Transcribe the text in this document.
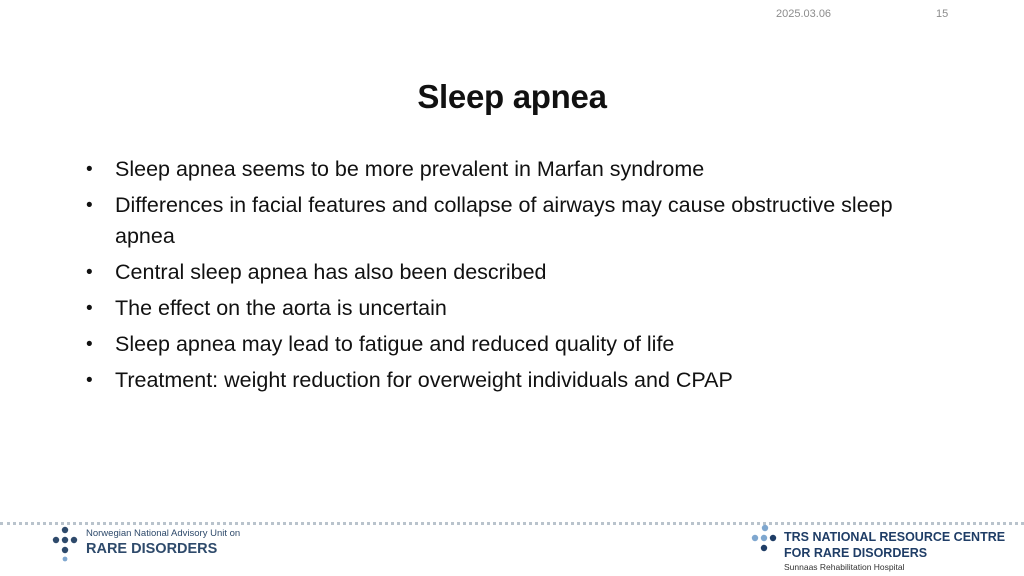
2025.03.06	15
Sleep apnea
• Sleep apnea seems to be more prevalent in Marfan syndrome
• Differences in facial features and collapse of airways may cause obstructive sleep apnea
• Central sleep apnea has also been described
• The effect on the aorta is uncertain
• Sleep apnea may lead to fatigue and reduced quality of life
• Treatment: weight reduction for overweight individuals and CPAP
Norwegian National Advisory Unit on
RARE DISORDERS
TRS NATIONAL RESOURCE CENTRE
FOR RARE DISORDERS
Sunnaas Rehabilitation Hospital
